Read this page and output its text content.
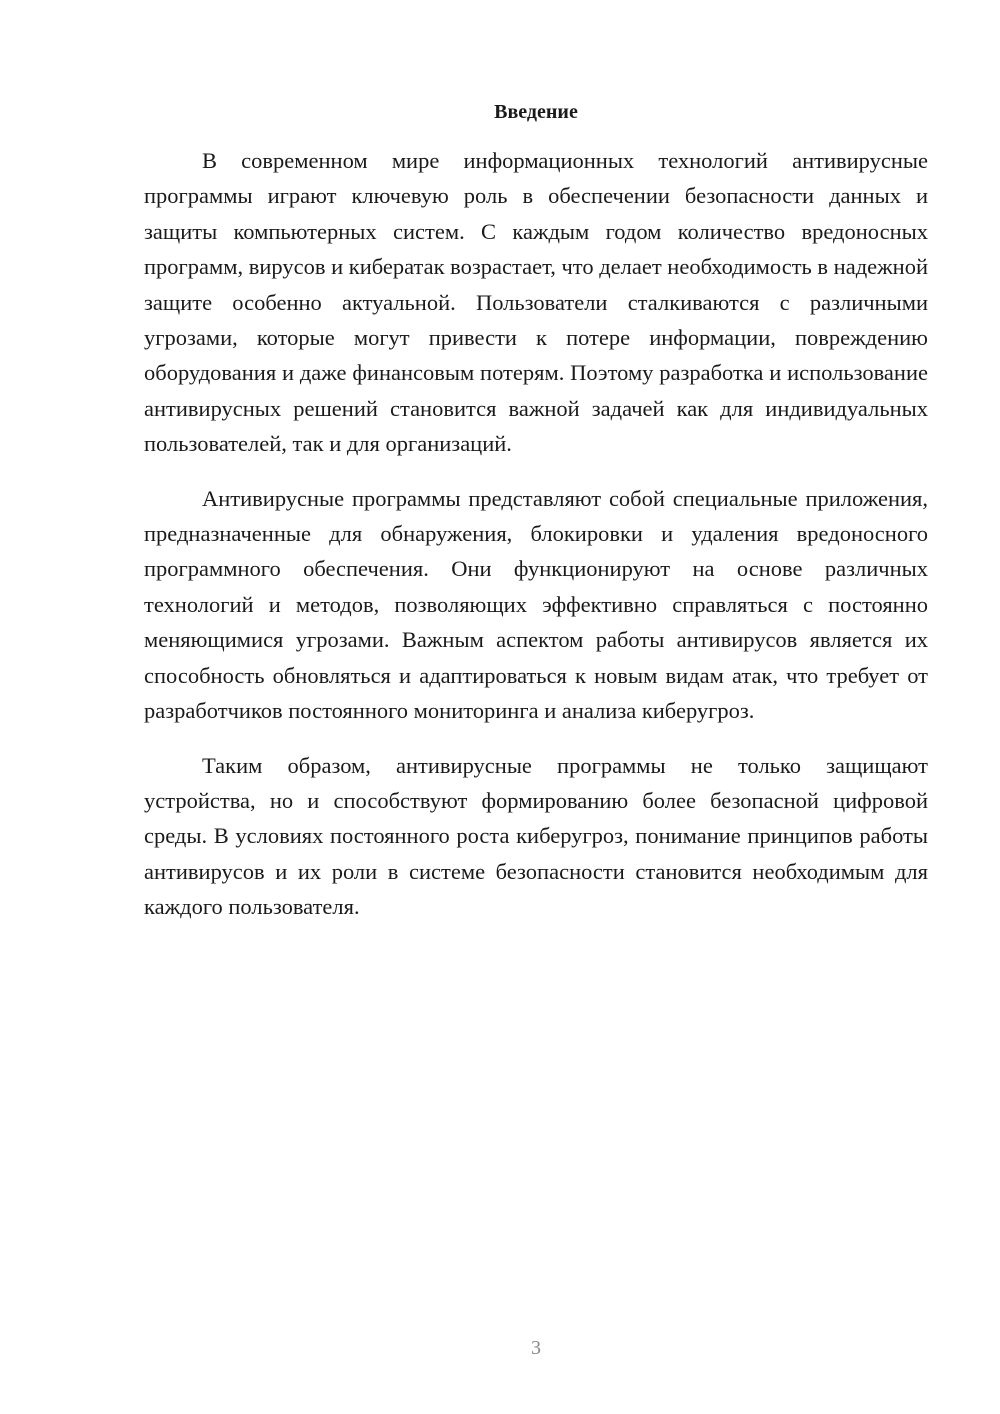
Введение

В современном мире информационных технологий антивирусные программы играют ключевую роль в обеспечении безопасности данных и защиты компьютерных систем. С каждым годом количество вредоносных программ, вирусов и кибератак возрастает, что делает необходимость в надежной защите особенно актуальной. Пользователи сталкиваются с различными угрозами, которые могут привести к потере информации, повреждению оборудования и даже финансовым потерям. Поэтому разработка и использование антивирусных решений становится важной задачей как для индивидуальных пользователей, так и для организаций.

Антивирусные программы представляют собой специальные приложения, предназначенные для обнаружения, блокировки и удаления вредоносного программного обеспечения. Они функционируют на основе различных технологий и методов, позволяющих эффективно справляться с постоянно меняющимися угрозами. Важным аспектом работы антивирусов является их способность обновляться и адаптироваться к новым видам атак, что требует от разработчиков постоянного мониторинга и анализа киберугроз.

Таким образом, антивирусные программы не только защищают устройства, но и способствуют формированию более безопасной цифровой среды. В условиях постоянного роста киберугроз, понимание принципов работы антивирусов и их роли в системе безопасности становится необходимым для каждого пользователя.

3
